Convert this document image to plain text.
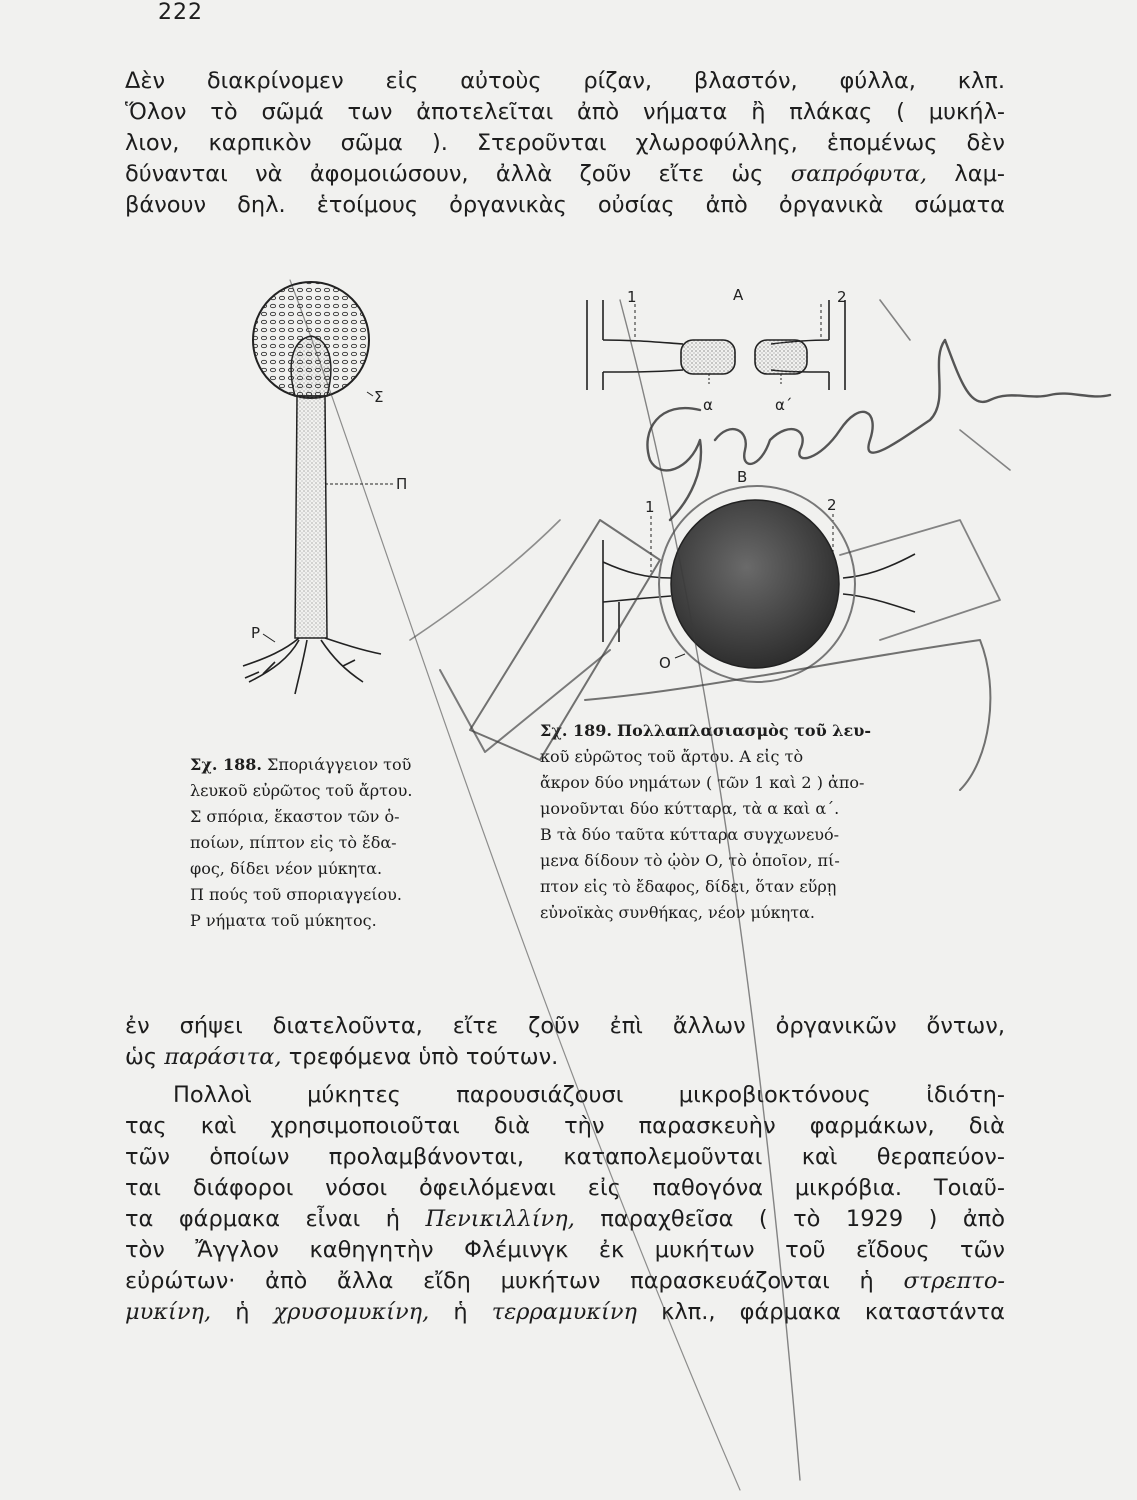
222
Δὲν διακρίνομεν εἰς αὐτοὺς ρίζαν, βλαστόν, φύλλα, κλπ.
Ὅλον τὸ σῶμά των ἀποτελεῖται ἀπὸ νήματα ἢ πλάκας ( μυκήλ-
λιον, καρπικὸν σῶμα ). Στεροῦνται χλωροφύλλης, ἑπομένως δὲν
δύνανται νὰ ἀφομοιώσουν, ἀλλὰ ζοῦν εἴτε ὡς σαπρόφυτα, λαμ-
βάνουν δηλ. ἑτοίμους ὀργανικὰς οὐσίας ἀπὸ ὀργανικὰ σώματα
Σ
Π
Ρ
1	Α	2
α	α΄
Β
1	2
Ο
Σχ. 188. Σποριάγγειον τοῦ
λευκοῦ εὐρῶτος τοῦ ἄρτου.
Σ σπόρια, ἕκαστον τῶν ὁ-
ποίων, πίπτον εἰς τὸ ἔδα-
φος, δίδει νέον μύκητα.
Π πούς τοῦ σποριαγγείου.
Ρ νήματα τοῦ μύκητος.
Σχ. 189. Πολλαπλασιασμὸς τοῦ λευ-
κοῦ εὐρῶτος τοῦ ἄρτου. Α εἰς τὸ
ἄκρον δύο νημάτων ( τῶν 1 καὶ 2 ) ἀπο-
μονοῦνται δύο κύτταρα, τὰ α καὶ α΄.
Β τὰ δύο ταῦτα κύτταρα συγχωνευό-
μενα δίδουν τὸ ᾠὸν Ο, τὸ ὁποῖον, πί-
πτον εἰς τὸ ἔδαφος, δίδει, ὅταν εὕρῃ
εὐνοϊκὰς συνθήκας, νέον μύκητα.
ἐν σήψει διατελοῦντα, εἴτε ζοῦν ἐπὶ ἄλλων ὀργανικῶν ὄντων,
ὡς παράσιτα, τρεφόμενα ὑπὸ τούτων.
Πολλοὶ μύκητες παρουσιάζουσι μικροβιοκτόνους ἰδιότη-
τας καὶ χρησιμοποιοῦται διὰ τὴν παρασκευὴν φαρμάκων, διὰ
τῶν ὁποίων προλαμβάνονται, καταπολεμοῦνται καὶ θεραπεύον-
ται διάφοροι νόσοι ὀφειλόμεναι εἰς παθογόνα μικρόβια. Τοιαῦ-
τα φάρμακα εἶναι ἡ Πενικιλλίνη, παραχθεῖσα ( τὸ 1929 ) ἀπὸ
τὸν Ἄγγλον καθηγητὴν Φλέμινγκ ἐκ μυκήτων τοῦ εἴδους τῶν
εὐρώτων· ἀπὸ ἄλλα εἴδη μυκήτων παρασκευάζονται ἡ στρεπτο-
μυκίνη, ἡ χρυσομυκίνη, ἡ τερραμυκίνη κλπ., φάρμακα καταστάντα
